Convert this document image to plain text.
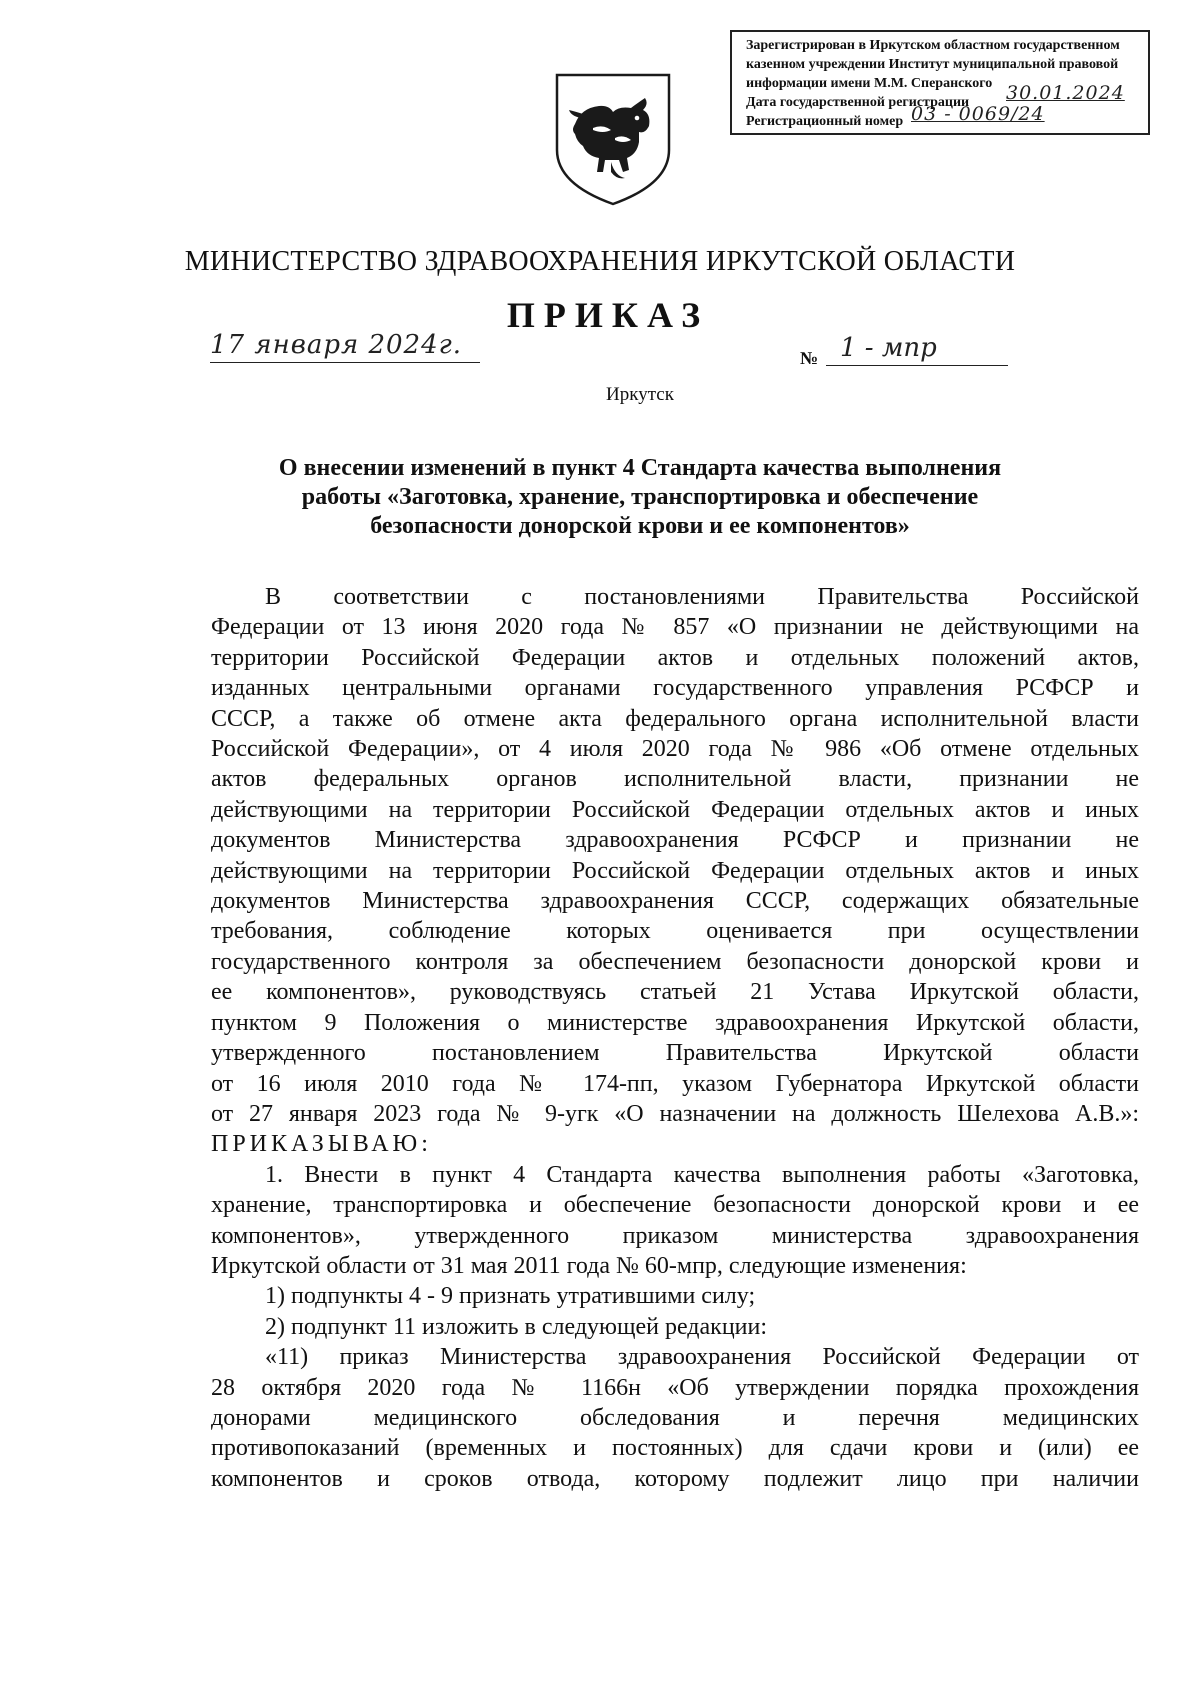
Зарегистрирован в Иркутском областном государственном
казенном учреждении Институт муниципальной правовой
информации имени М.М. Сперанского
Дата государственной регистрации 30.01.2024
Регистрационный номер 03 - 0069/24
МИНИСТЕРСТВО ЗДРАВООХРАНЕНИЯ ИРКУТСКОЙ ОБЛАСТИ
ПРИКАЗ
17 января 2024г.	№ 1 - мпр
Иркутск
О внесении изменений в пункт 4 Стандарта качества выполнения
работы «Заготовка, хранение, транспортировка и обеспечение
безопасности донорской крови и ее компонентов»

В соответствии с постановлениями Правительства Российской

Федерации от 13 июня 2020 года № 857 «О признании не действующими на

территории Российской Федерации актов и отдельных положений актов,

изданных центральными органами государственного управления РСФСР и

СССР, а также об отмене акта федерального органа исполнительной власти

Российской Федерации», от 4 июля 2020 года № 986 «Об отмене отдельных

актов федеральных органов исполнительной власти, признании не

действующими на территории Российской Федерации отдельных актов и иных

документов Министерства здравоохранения РСФСР и признании не

действующими на территории Российской Федерации отдельных актов и иных

документов Министерства здравоохранения СССР, содержащих обязательные

требования, соблюдение которых оценивается при осуществлении

государственного контроля за обеспечением безопасности донорской крови и

ее компонентов», руководствуясь статьей 21 Устава Иркутской области,

пунктом 9 Положения о министерстве здравоохранения Иркутской области,

утвержденного постановлением Правительства Иркутской области

от 16 июля 2010 года № 174-пп, указом Губернатора Иркутской области

от 27 января 2023 года № 9-угк «О назначении на должность Шелехова А.В.»:

ПРИКАЗЫВАЮ:

1. Внести в пункт 4 Стандарта качества выполнения работы «Заготовка,

хранение, транспортировка и обеспечение безопасности донорской крови и ее

компонентов», утвержденного приказом министерства здравоохранения

Иркутской области от 31 мая 2011 года № 60-мпр, следующие изменения:

1) подпункты 4 - 9 признать утратившими силу;

2) подпункт 11 изложить в следующей редакции:

«11) приказ Министерства здравоохранения Российской Федерации от

28 октября 2020 года № 1166н «Об утверждении порядка прохождения

донорами медицинского обследования и перечня медицинских

противопоказаний (временных и постоянных) для сдачи крови и (или) ее

компонентов и сроков отвода, которому подлежит лицо при наличии
